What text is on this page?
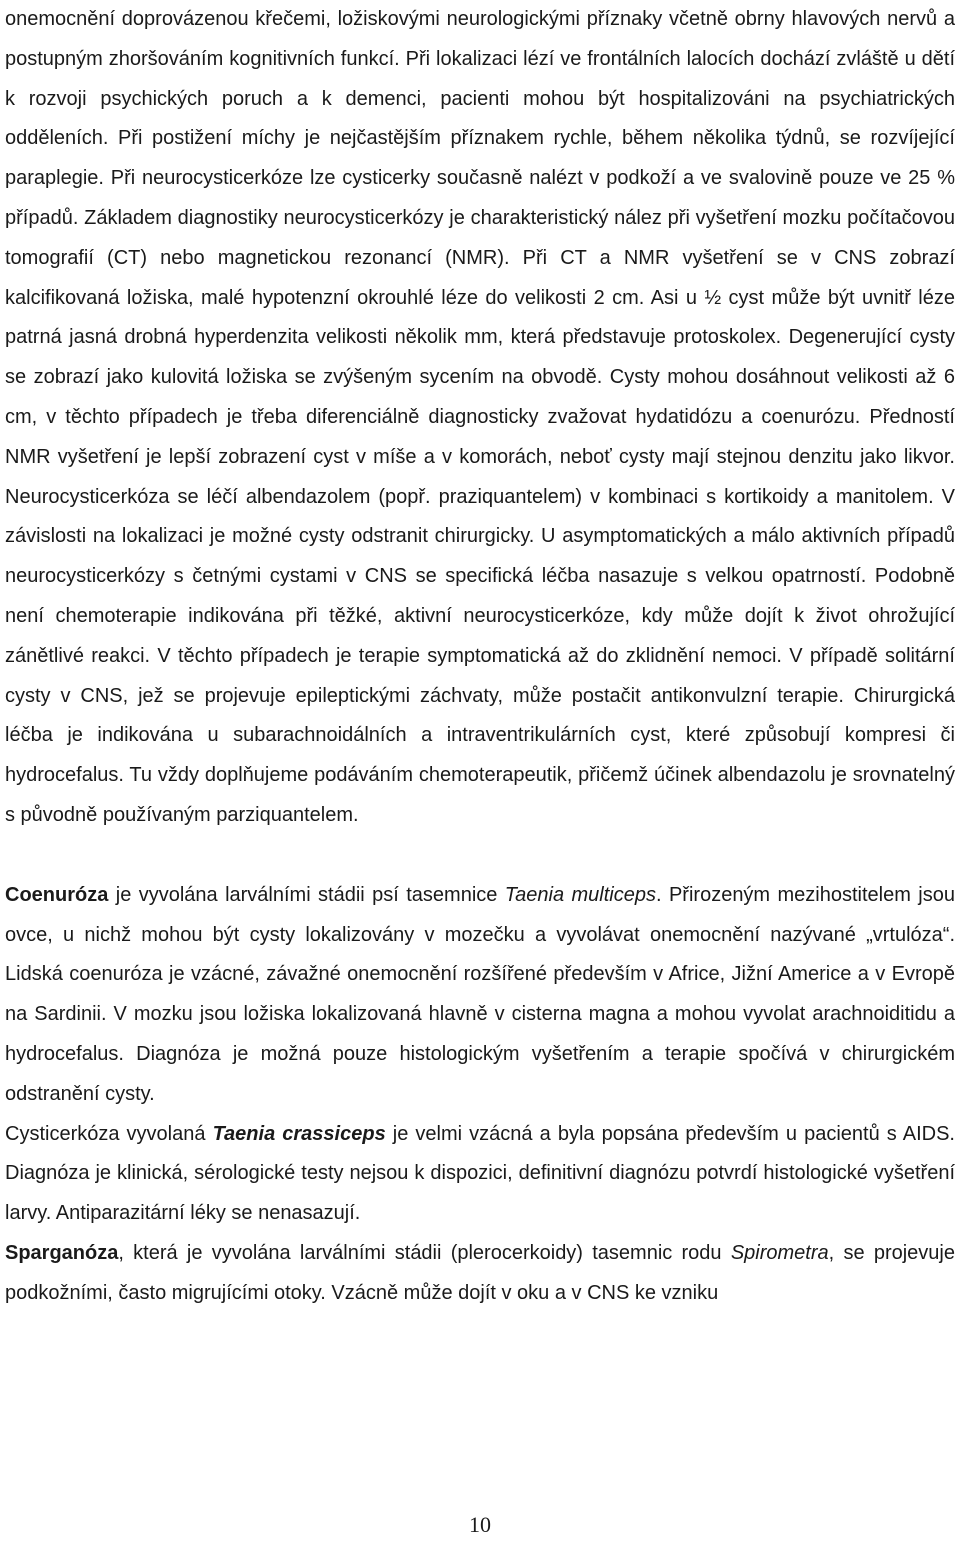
onemocnění doprovázenou křečemi, ložiskovými neurologickými příznaky včetně obrny hlavových nervů a postupným zhoršováním kognitivních funkcí. Při lokalizaci lézí ve frontálních lalocích dochází zvláště u dětí k rozvoji psychických poruch a k demenci, pacienti mohou být hospitalizováni na psychiatrických odděleních. Při postižení míchy je nejčastějším příznakem rychle, během několika týdnů, se rozvíjející paraplegie. Při neurocysticerkóze lze cysticerky současně nalézt v podkoží a ve svalovině pouze ve 25 % případů. Základem diagnostiky neurocysticerkózy je charakteristický nález při vyšetření mozku počítačovou tomografií (CT) nebo magnetickou rezonancí (NMR). Při CT a NMR vyšetření se v CNS zobrazí kalcifikovaná ložiska, malé hypotenzní okrouhlé léze do velikosti 2 cm. Asi u ½ cyst může být uvnitř léze patrná jasná drobná hyperdenzita velikosti několik mm, která představuje protoskolex. Degenerující cysty se zobrazí jako kulovitá ložiska se zvýšeným sycením na obvodě. Cysty mohou dosáhnout velikosti až 6 cm, v těchto případech je třeba diferenciálně diagnosticky zvažovat hydatidózu a coenurózu. Předností NMR vyšetření je lepší zobrazení cyst v míše a v komorách, neboť cysty mají stejnou denzitu jako likvor. Neurocysticerkóza se léčí albendazolem (popř. praziquantelem) v kombinaci s kortikoidy a manitolem. V závislosti na lokalizaci je možné cysty odstranit chirurgicky. U asymptomatických a málo aktivních případů neurocysticerkózy s četnými cystami v CNS se specifická léčba nasazuje s velkou opatrností. Podobně není chemoterapie indikována při těžké, aktivní neurocysticerkóze, kdy může dojít k život ohrožující zánětlivé reakci. V těchto případech je terapie symptomatická až do zklidnění nemoci. V případě solitární cysty v CNS, jež se projevuje epileptickými záchvaty, může postačit antikonvulzní terapie. Chirurgická léčba je indikována u subarachnoidálních a intraventrikulárních cyst, které způsobují kompresi či hydrocefalus. Tu vždy doplňujeme podáváním chemoterapeutik, přičemž účinek albendazolu je srovnatelný s původně používaným parziquantelem.

Coenuróza je vyvolána larválními stádii psí tasemnice Taenia multiceps. Přirozeným mezihostitelem jsou ovce, u nichž mohou být cysty lokalizovány v mozečku a vyvolávat onemocnění nazývané „vrtulóza“. Lidská coenuróza je vzácné, závažné onemocnění rozšířené především v Africe, Jižní Americe a v Evropě na Sardinii. V mozku jsou ložiska lokalizovaná hlavně v cisterna magna a mohou vyvolat arachnoiditidu a hydrocefalus. Diagnóza je možná pouze histologickým vyšetřením a terapie spočívá v chirurgickém odstranění cysty.

Cysticerkóza vyvolaná Taenia crassiceps je velmi vzácná a byla popsána především u pacientů s AIDS. Diagnóza je klinická, sérologické testy nejsou k dispozici, definitivní diagnózu potvrdí histologické vyšetření larvy. Antiparazitární léky se nenasazují.

Sparganóza, která je vyvolána larválními stádii (plerocerkoidy) tasemnic rodu Spirometra, se projevuje podkožními, často migrujícími otoky. Vzácně může dojít v oku a v CNS ke vzniku

10
